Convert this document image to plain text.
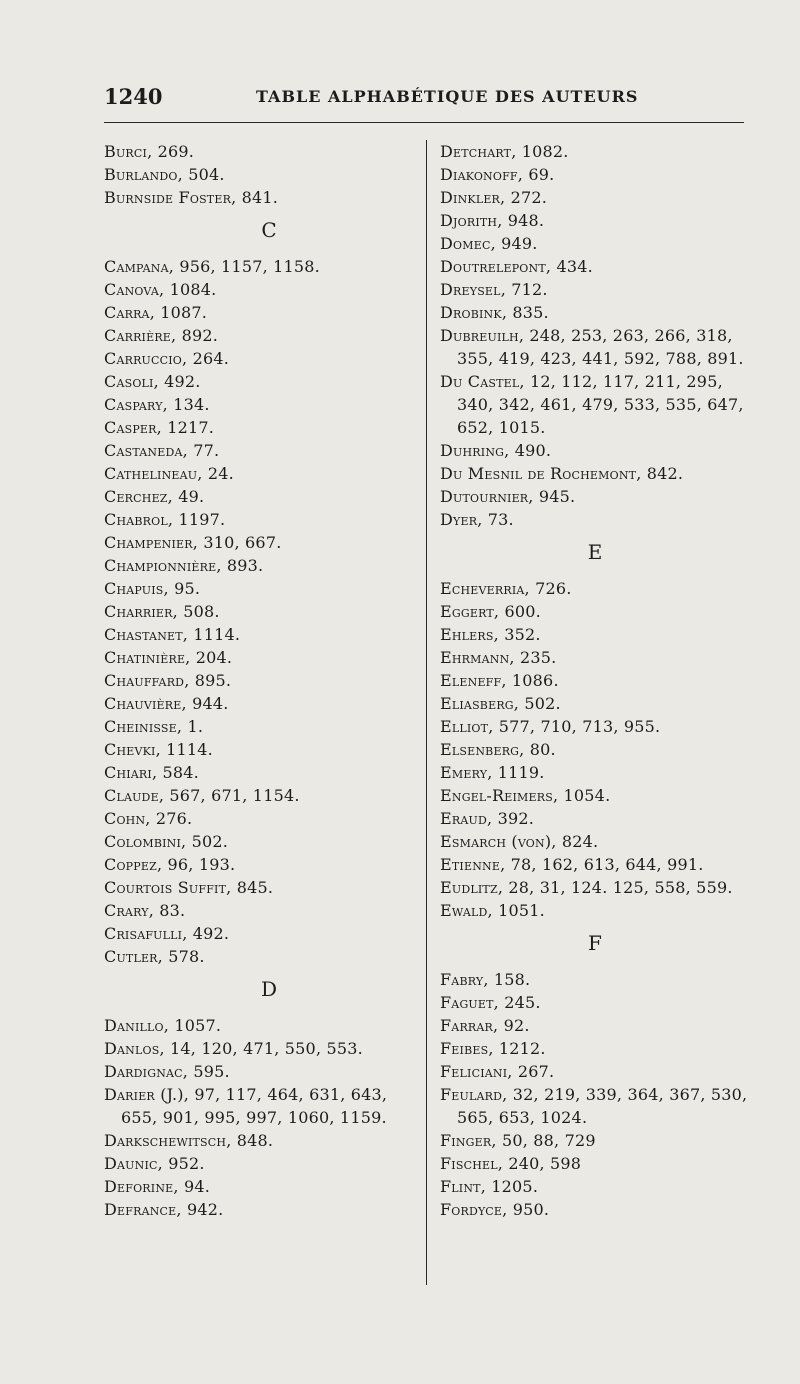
1240	TABLE ALPHABÉTIQUE DES AUTEURS
Burci, 269.
Burlando, 504.
Burnside Foster, 841.
C
Campana, 956, 1157, 1158.
Canova, 1084.
Carra, 1087.
Carrière, 892.
Carruccio, 264.
Casoli, 492.
Caspary, 134.
Casper, 1217.
Castaneda, 77.
Cathelineau, 24.
Cerchez, 49.
Chabrol, 1197.
Champenier, 310, 667.
Championnière, 893.
Chapuis, 95.
Charrier, 508.
Chastanet, 1114.
Chatinière, 204.
Chauffard, 895.
Chauvière, 944.
Cheinisse, 1.
Chevki, 1114.
Chiari, 584.
Claude, 567, 671, 1154.
Cohn, 276.
Colombini, 502.
Coppez, 96, 193.
Courtois Suffit, 845.
Crary, 83.
Crisafulli, 492.
Cutler, 578.
D
Danillo, 1057.
Danlos, 14, 120, 471, 550, 553.
Dardignac, 595.
Darier (J.), 97, 117, 464, 631, 643,
655, 901, 995, 997, 1060, 1159.
Darkschewitsch, 848.
Daunic, 952.
Deforine, 94.
Defrance, 942.
Detchart, 1082.
Diakonoff, 69.
Dinkler, 272.
Djorith, 948.
Domec, 949.
Doutrelepont, 434.
Dreysel, 712.
Drobink, 835.
Dubreuilh, 248, 253, 263, 266, 318,
355, 419, 423, 441, 592, 788, 891.
Du Castel, 12, 112, 117, 211, 295,
340, 342, 461, 479, 533, 535, 647,
652, 1015.
Duhring, 490.
Du Mesnil de Rochemont, 842.
Dutournier, 945.
Dyer, 73.
E
Echeverria, 726.
Eggert, 600.
Ehlers, 352.
Ehrmann, 235.
Eleneff, 1086.
Eliasberg, 502.
Elliot, 577, 710, 713, 955.
Elsenberg, 80.
Emery, 1119.
Engel-Reimers, 1054.
Eraud, 392.
Esmarch (von), 824.
Etienne, 78, 162, 613, 644, 991.
Eudlitz, 28, 31, 124. 125, 558, 559.
Ewald, 1051.
F
Fabry, 158.
Faguet, 245.
Farrar, 92.
Feibes, 1212.
Feliciani, 267.
Feulard, 32, 219, 339, 364, 367, 530,
565, 653, 1024.
Finger, 50, 88, 729
Fischel, 240, 598
Flint, 1205.
Fordyce, 950.
